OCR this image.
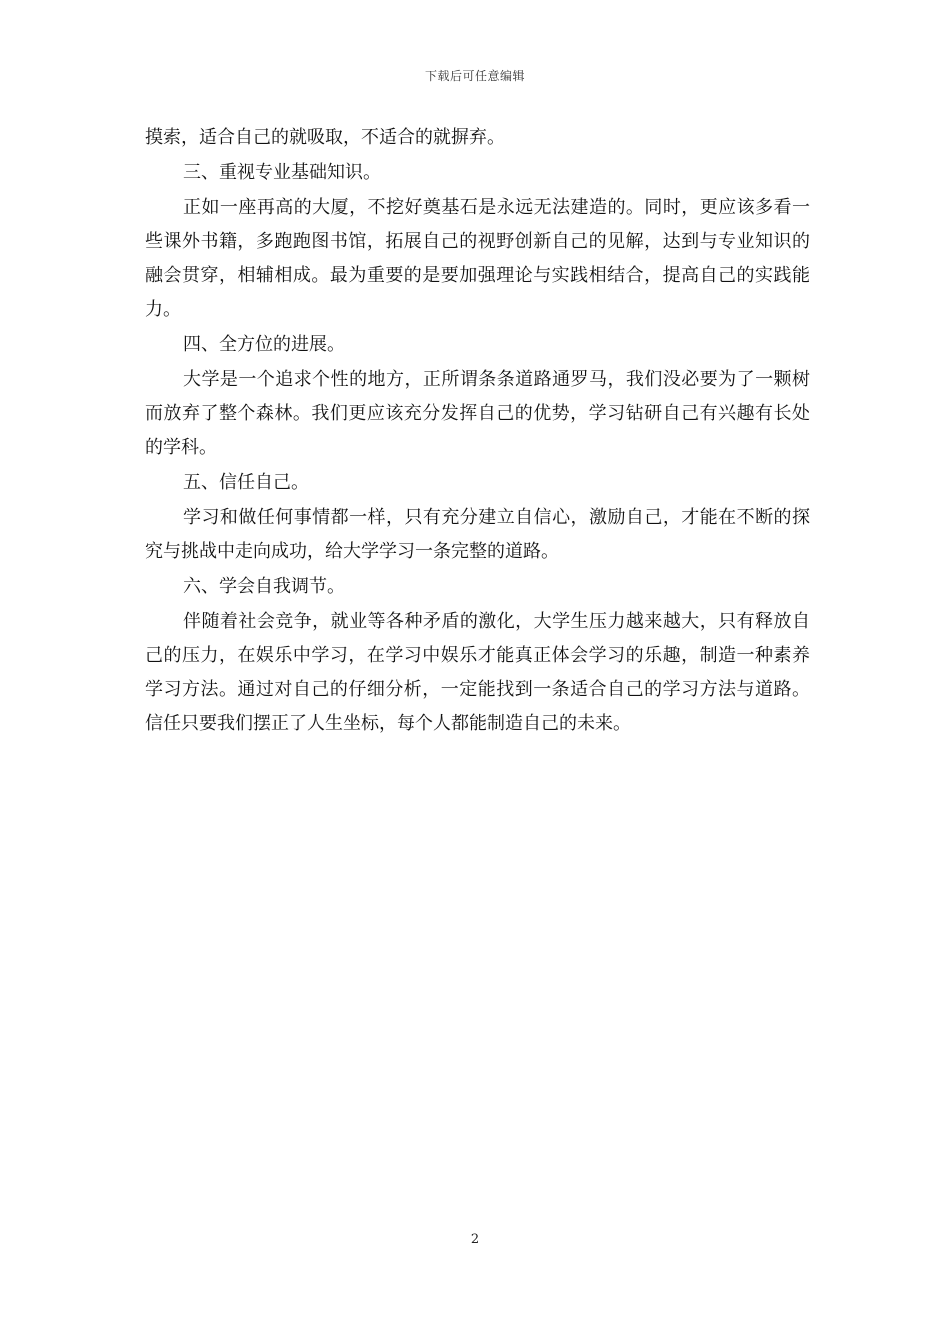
下载后可任意编辑

摸索，适合自己的就吸取，不适合的就摒弃。

三、重视专业基础知识。

正如一座再高的大厦，不挖好奠基石是永远无法建造的。同时，更应该多看一些课外书籍，多跑跑图书馆，拓展自己的视野创新自己的见解，达到与专业知识的融会贯穿，相辅相成。最为重要的是要加强理论与实践相结合，提高自己的实践能力。

四、全方位的进展。

大学是一个追求个性的地方，正所谓条条道路通罗马，我们没必要为了一颗树而放弃了整个森林。我们更应该充分发挥自己的优势，学习钻研自己有兴趣有长处的学科。

五、信任自己。

学习和做任何事情都一样，只有充分建立自信心，激励自己，才能在不断的探究与挑战中走向成功，给大学学习一条完整的道路。

六、学会自我调节。

伴随着社会竞争，就业等各种矛盾的激化，大学生压力越来越大，只有释放自己的压力，在娱乐中学习，在学习中娱乐才能真正体会学习的乐趣，制造一种素养学习方法。通过对自己的仔细分析，一定能找到一条适合自己的学习方法与道路。信任只要我们摆正了人生坐标，每个人都能制造自己的未来。

2
